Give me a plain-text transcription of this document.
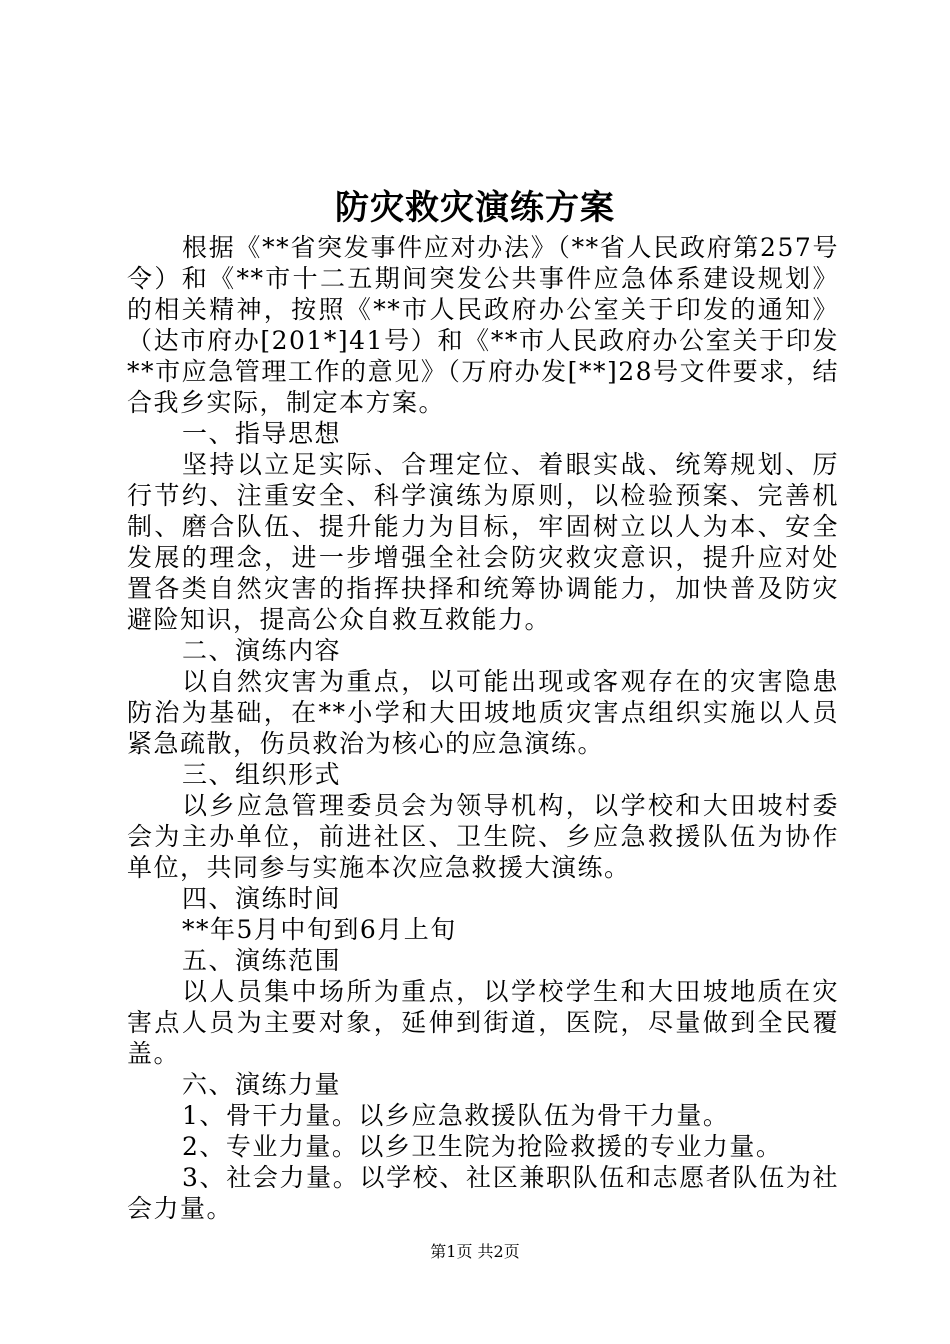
防灾救灾演练方案

根据《**省突发事件应对办法》（**省人民政府第257号令）和《**市十二五期间突发公共事件应急体系建设规划》的相关精神，按照《**市人民政府办公室关于印发的通知》（达市府办[201*]41号）和《**市人民政府办公室关于印发**市应急管理工作的意见》（万府办发[**]28号文件要求，结合我乡实际，制定本方案。

一、指导思想

坚持以立足实际、合理定位、着眼实战、统筹规划、厉行节约、注重安全、科学演练为原则，以检验预案、完善机制、磨合队伍、提升能力为目标，牢固树立以人为本、安全发展的理念，进一步增强全社会防灾救灾意识，提升应对处置各类自然灾害的指挥抉择和统筹协调能力，加快普及防灾避险知识，提高公众自救互救能力。

二、演练内容

以自然灾害为重点，以可能出现或客观存在的灾害隐患防治为基础，在**小学和大田坡地质灾害点组织实施以人员紧急疏散，伤员救治为核心的应急演练。

三、组织形式

以乡应急管理委员会为领导机构，以学校和大田坡村委会为主办单位，前进社区、卫生院、乡应急救援队伍为协作单位，共同参与实施本次应急救援大演练。

四、演练时间

**年5月中旬到6月上旬

五、演练范围

以人员集中场所为重点，以学校学生和大田坡地质在灾害点人员为主要对象，延伸到街道，医院，尽量做到全民覆盖。

六、演练力量

1、骨干力量。以乡应急救援队伍为骨干力量。

2、专业力量。以乡卫生院为抢险救援的专业力量。

3、社会力量。以学校、社区兼职队伍和志愿者队伍为社会力量。

第1页 共2页
